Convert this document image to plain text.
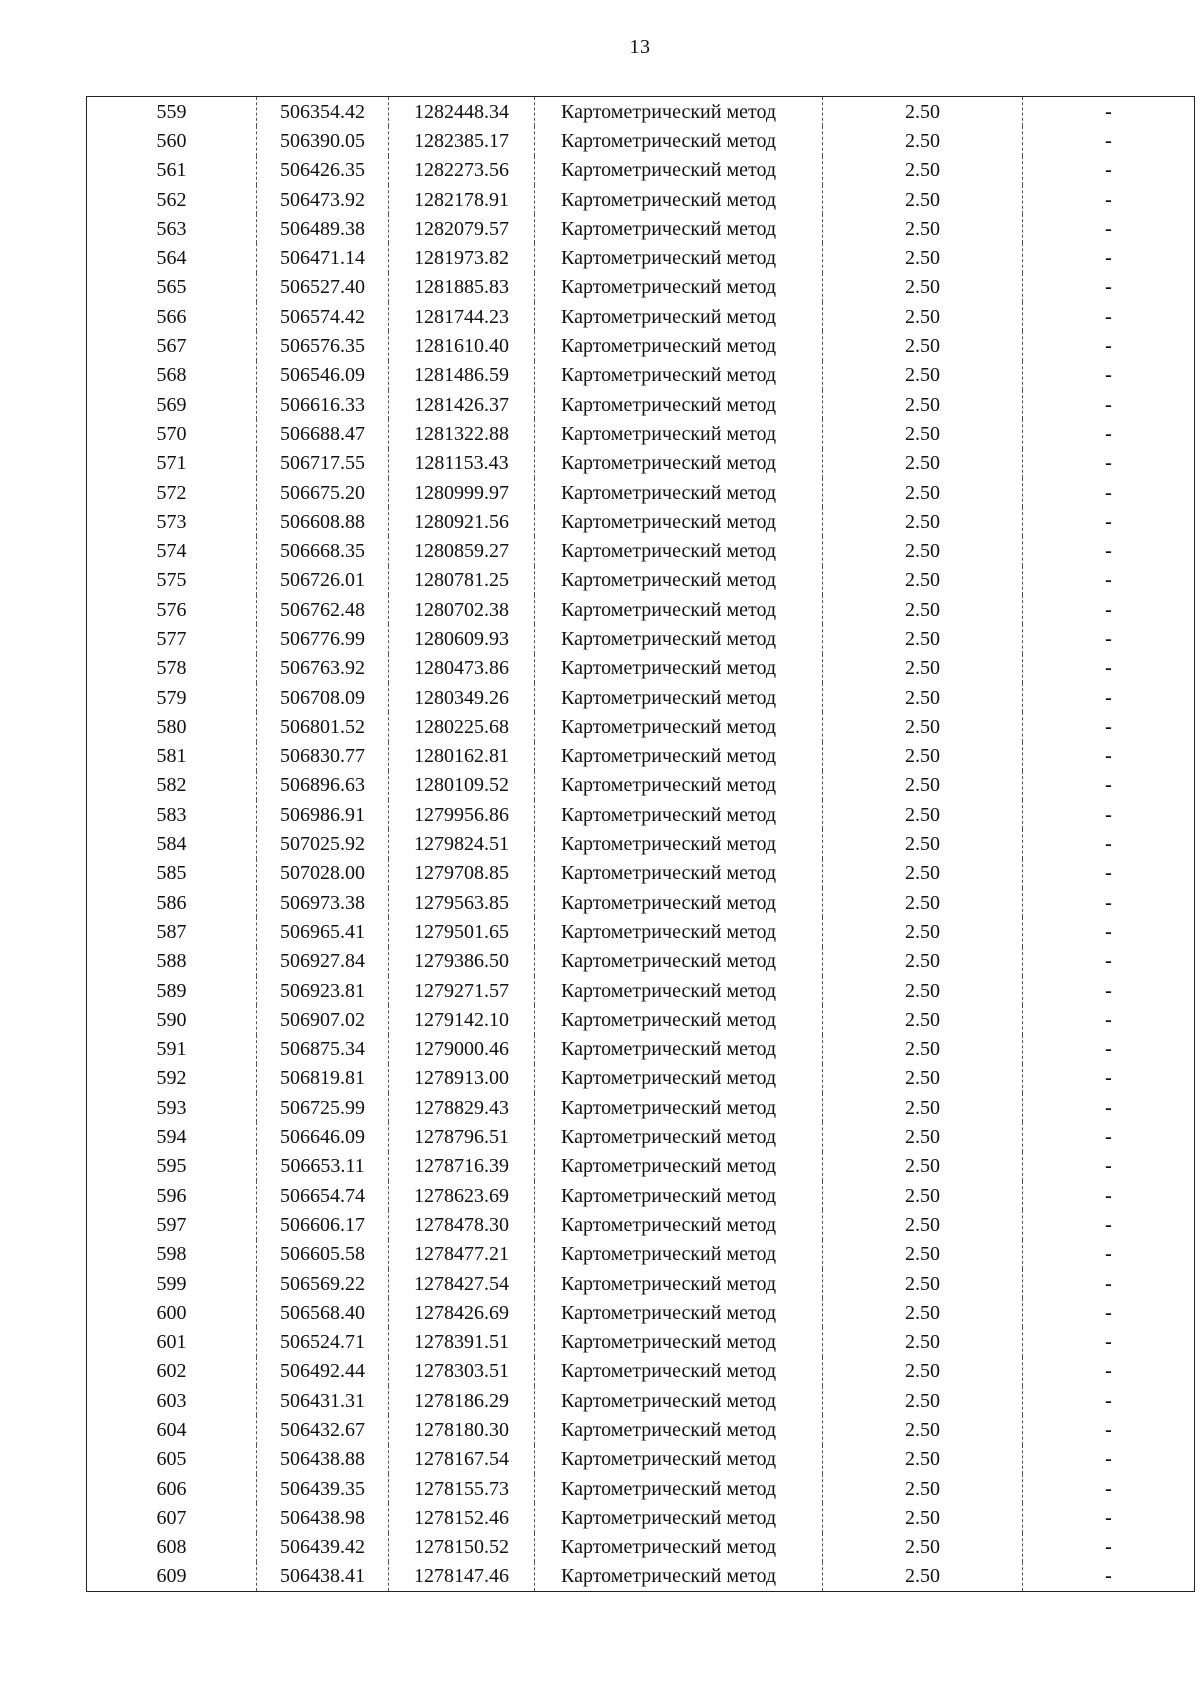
13
559	506354.42	1282448.34	Картометрический метод	2.50	-
560	506390.05	1282385.17	Картометрический метод	2.50	-
561	506426.35	1282273.56	Картометрический метод	2.50	-
562	506473.92	1282178.91	Картометрический метод	2.50	-
563	506489.38	1282079.57	Картометрический метод	2.50	-
564	506471.14	1281973.82	Картометрический метод	2.50	-
565	506527.40	1281885.83	Картометрический метод	2.50	-
566	506574.42	1281744.23	Картометрический метод	2.50	-
567	506576.35	1281610.40	Картометрический метод	2.50	-
568	506546.09	1281486.59	Картометрический метод	2.50	-
569	506616.33	1281426.37	Картометрический метод	2.50	-
570	506688.47	1281322.88	Картометрический метод	2.50	-
571	506717.55	1281153.43	Картометрический метод	2.50	-
572	506675.20	1280999.97	Картометрический метод	2.50	-
573	506608.88	1280921.56	Картометрический метод	2.50	-
574	506668.35	1280859.27	Картометрический метод	2.50	-
575	506726.01	1280781.25	Картометрический метод	2.50	-
576	506762.48	1280702.38	Картометрический метод	2.50	-
577	506776.99	1280609.93	Картометрический метод	2.50	-
578	506763.92	1280473.86	Картометрический метод	2.50	-
579	506708.09	1280349.26	Картометрический метод	2.50	-
580	506801.52	1280225.68	Картометрический метод	2.50	-
581	506830.77	1280162.81	Картометрический метод	2.50	-
582	506896.63	1280109.52	Картометрический метод	2.50	-
583	506986.91	1279956.86	Картометрический метод	2.50	-
584	507025.92	1279824.51	Картометрический метод	2.50	-
585	507028.00	1279708.85	Картометрический метод	2.50	-
586	506973.38	1279563.85	Картометрический метод	2.50	-
587	506965.41	1279501.65	Картометрический метод	2.50	-
588	506927.84	1279386.50	Картометрический метод	2.50	-
589	506923.81	1279271.57	Картометрический метод	2.50	-
590	506907.02	1279142.10	Картометрический метод	2.50	-
591	506875.34	1279000.46	Картометрический метод	2.50	-
592	506819.81	1278913.00	Картометрический метод	2.50	-
593	506725.99	1278829.43	Картометрический метод	2.50	-
594	506646.09	1278796.51	Картометрический метод	2.50	-
595	506653.11	1278716.39	Картометрический метод	2.50	-
596	506654.74	1278623.69	Картометрический метод	2.50	-
597	506606.17	1278478.30	Картометрический метод	2.50	-
598	506605.58	1278477.21	Картометрический метод	2.50	-
599	506569.22	1278427.54	Картометрический метод	2.50	-
600	506568.40	1278426.69	Картометрический метод	2.50	-
601	506524.71	1278391.51	Картометрический метод	2.50	-
602	506492.44	1278303.51	Картометрический метод	2.50	-
603	506431.31	1278186.29	Картометрический метод	2.50	-
604	506432.67	1278180.30	Картометрический метод	2.50	-
605	506438.88	1278167.54	Картометрический метод	2.50	-
606	506439.35	1278155.73	Картометрический метод	2.50	-
607	506438.98	1278152.46	Картометрический метод	2.50	-
608	506439.42	1278150.52	Картометрический метод	2.50	-
609	506438.41	1278147.46	Картометрический метод	2.50	-
